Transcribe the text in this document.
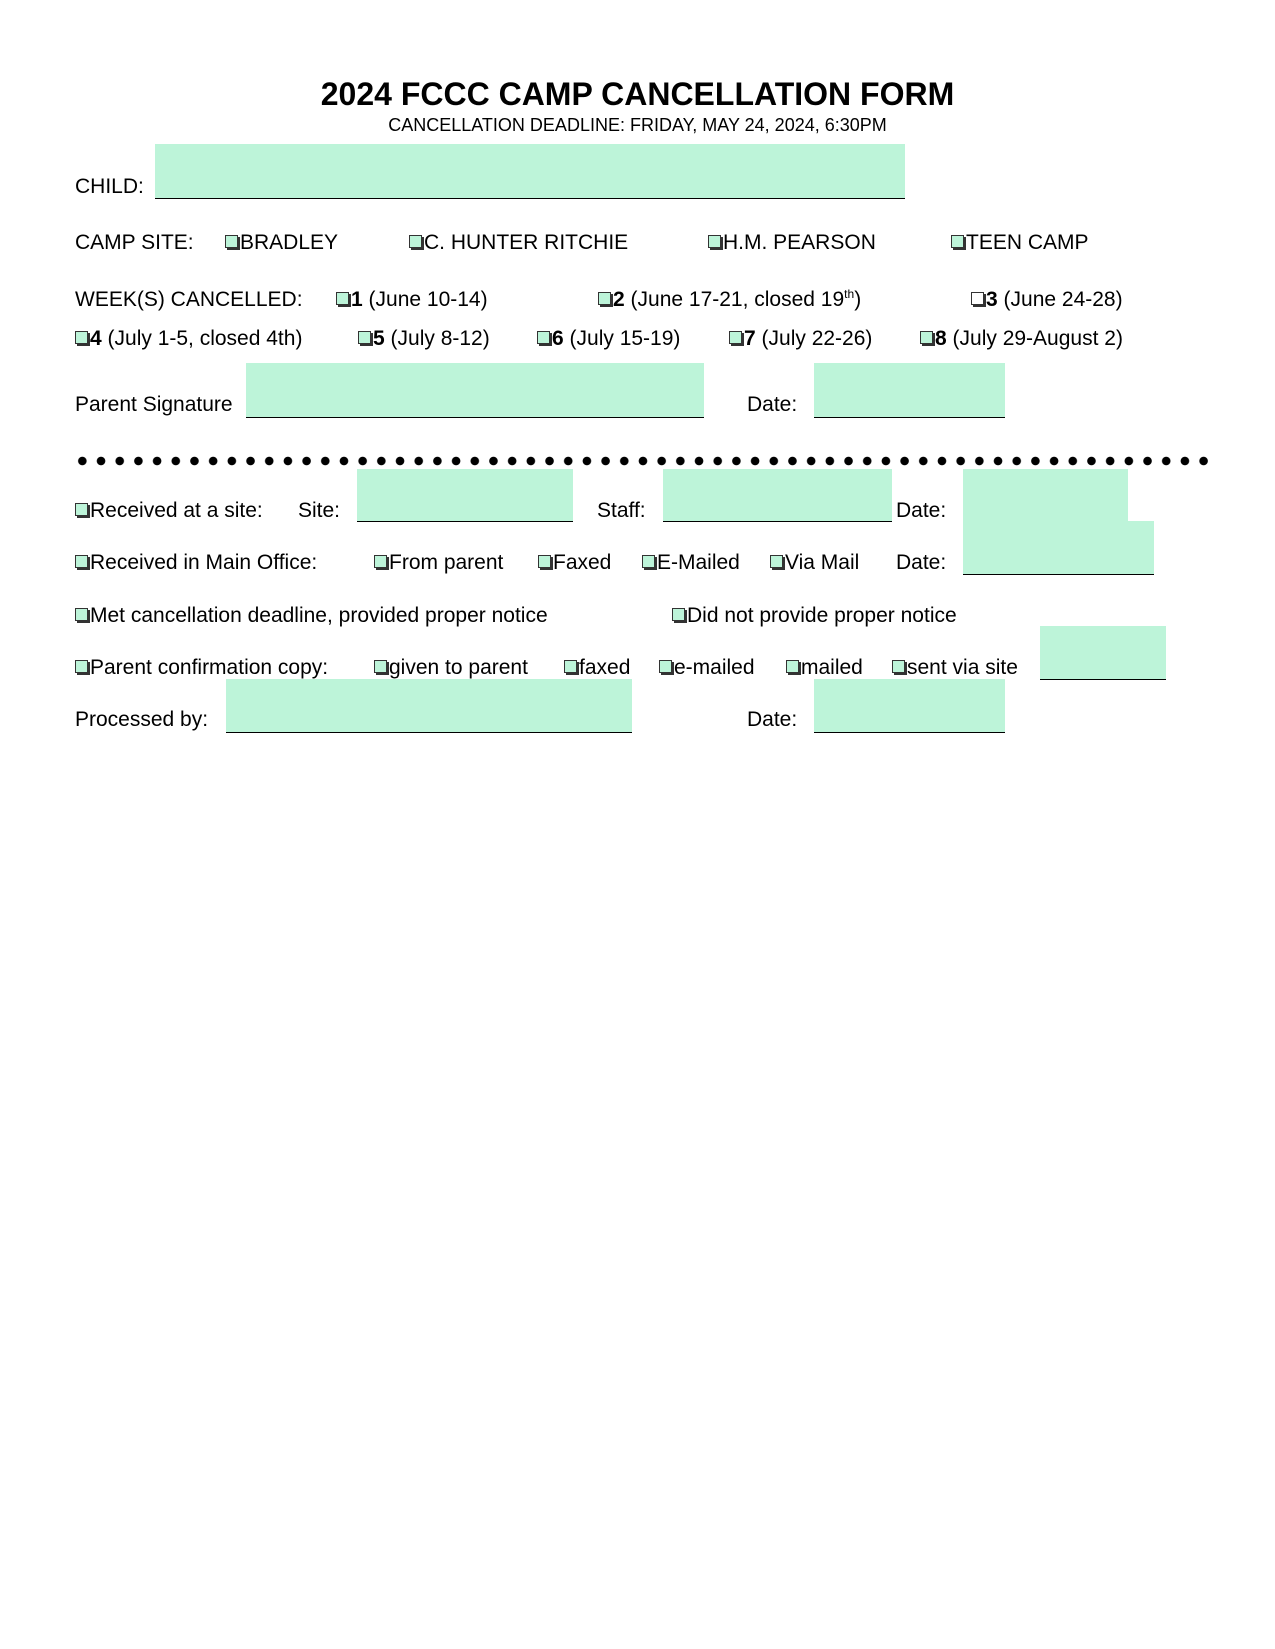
2024 FCCC CAMP CANCELLATION FORM
CANCELLATION DEADLINE: FRIDAY, MAY 24, 2024, 6:30PM
CHILD:
CAMP SITE:	BRADLEY	C. HUNTER RITCHIE	H.M. PEARSON	TEEN CAMP
WEEK(S) CANCELLED:	1 (June 10-14)	2 (June 17-21, closed 19th)	3 (June 24-28)
4 (July 1-5, closed 4th)	5 (July 8-12)	6 (July 15-19)	7 (July 22-26)	8 (July 29-August 2)
Parent Signature	Date:
Received at a site: Site:	Staff:	Date:
Received in Main Office:	From parent	Faxed	E-Mailed	Via Mail Date:
Met cancellation deadline, provided proper notice	Did not provide proper notice
Parent confirmation copy:	given to parent	faxed	e-mailed	mailed	sent via site
Processed by:	Date:
